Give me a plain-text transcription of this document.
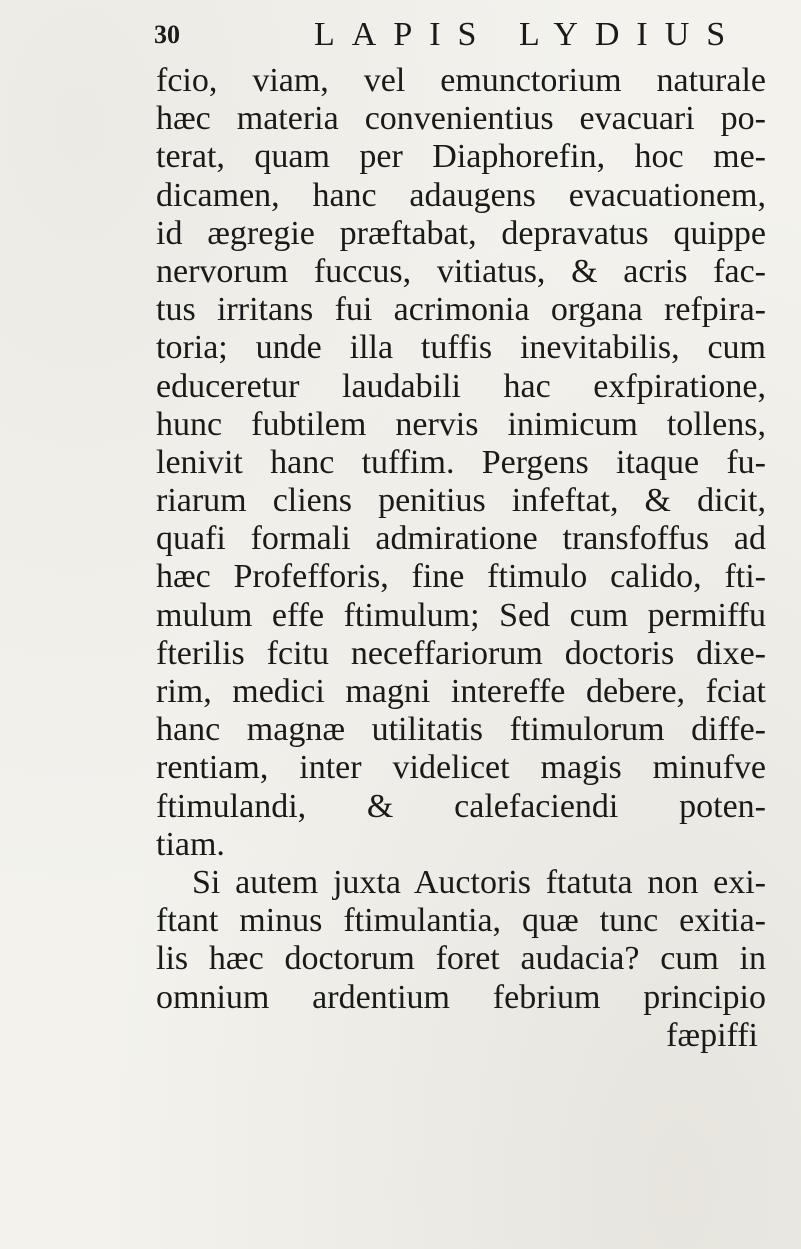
30	LAPIS LYDIUS
fcio, viam, vel emunctorium naturale
hæc materia convenientius evacuari po-
terat, quam per Diaphorefin, hoc me-
dicamen, hanc adaugens evacuationem,
id ægregie præftabat, depravatus quippe
nervorum fuccus, vitiatus, & acris fac-
tus irritans fui acrimonia organa refpira-
toria; unde illa tuffis inevitabilis, cum
educeretur laudabili hac exfpiratione,
hunc fubtilem nervis inimicum tollens,
lenivit hanc tuffim. Pergens itaque fu-
riarum cliens penitius infeftat, & dicit,
quafi formali admiratione transfoffus ad
hæc Profefforis, fine ftimulo calido, fti-
mulum effe ftimulum; Sed cum permiffu
fterilis fcitu neceffariorum doctoris dixe-
rim, medici magni intereffe debere, fciat
hanc magnæ utilitatis ftimulorum diffe-
rentiam, inter videlicet magis minufve
ftimulandi, & calefaciendi poten-
tiam.
Si autem juxta Auctoris ftatuta non exi-
ftant minus ftimulantia, quæ tunc exitia-
lis hæc doctorum foret audacia? cum in
omnium ardentium febrium principio
fæpiffi
